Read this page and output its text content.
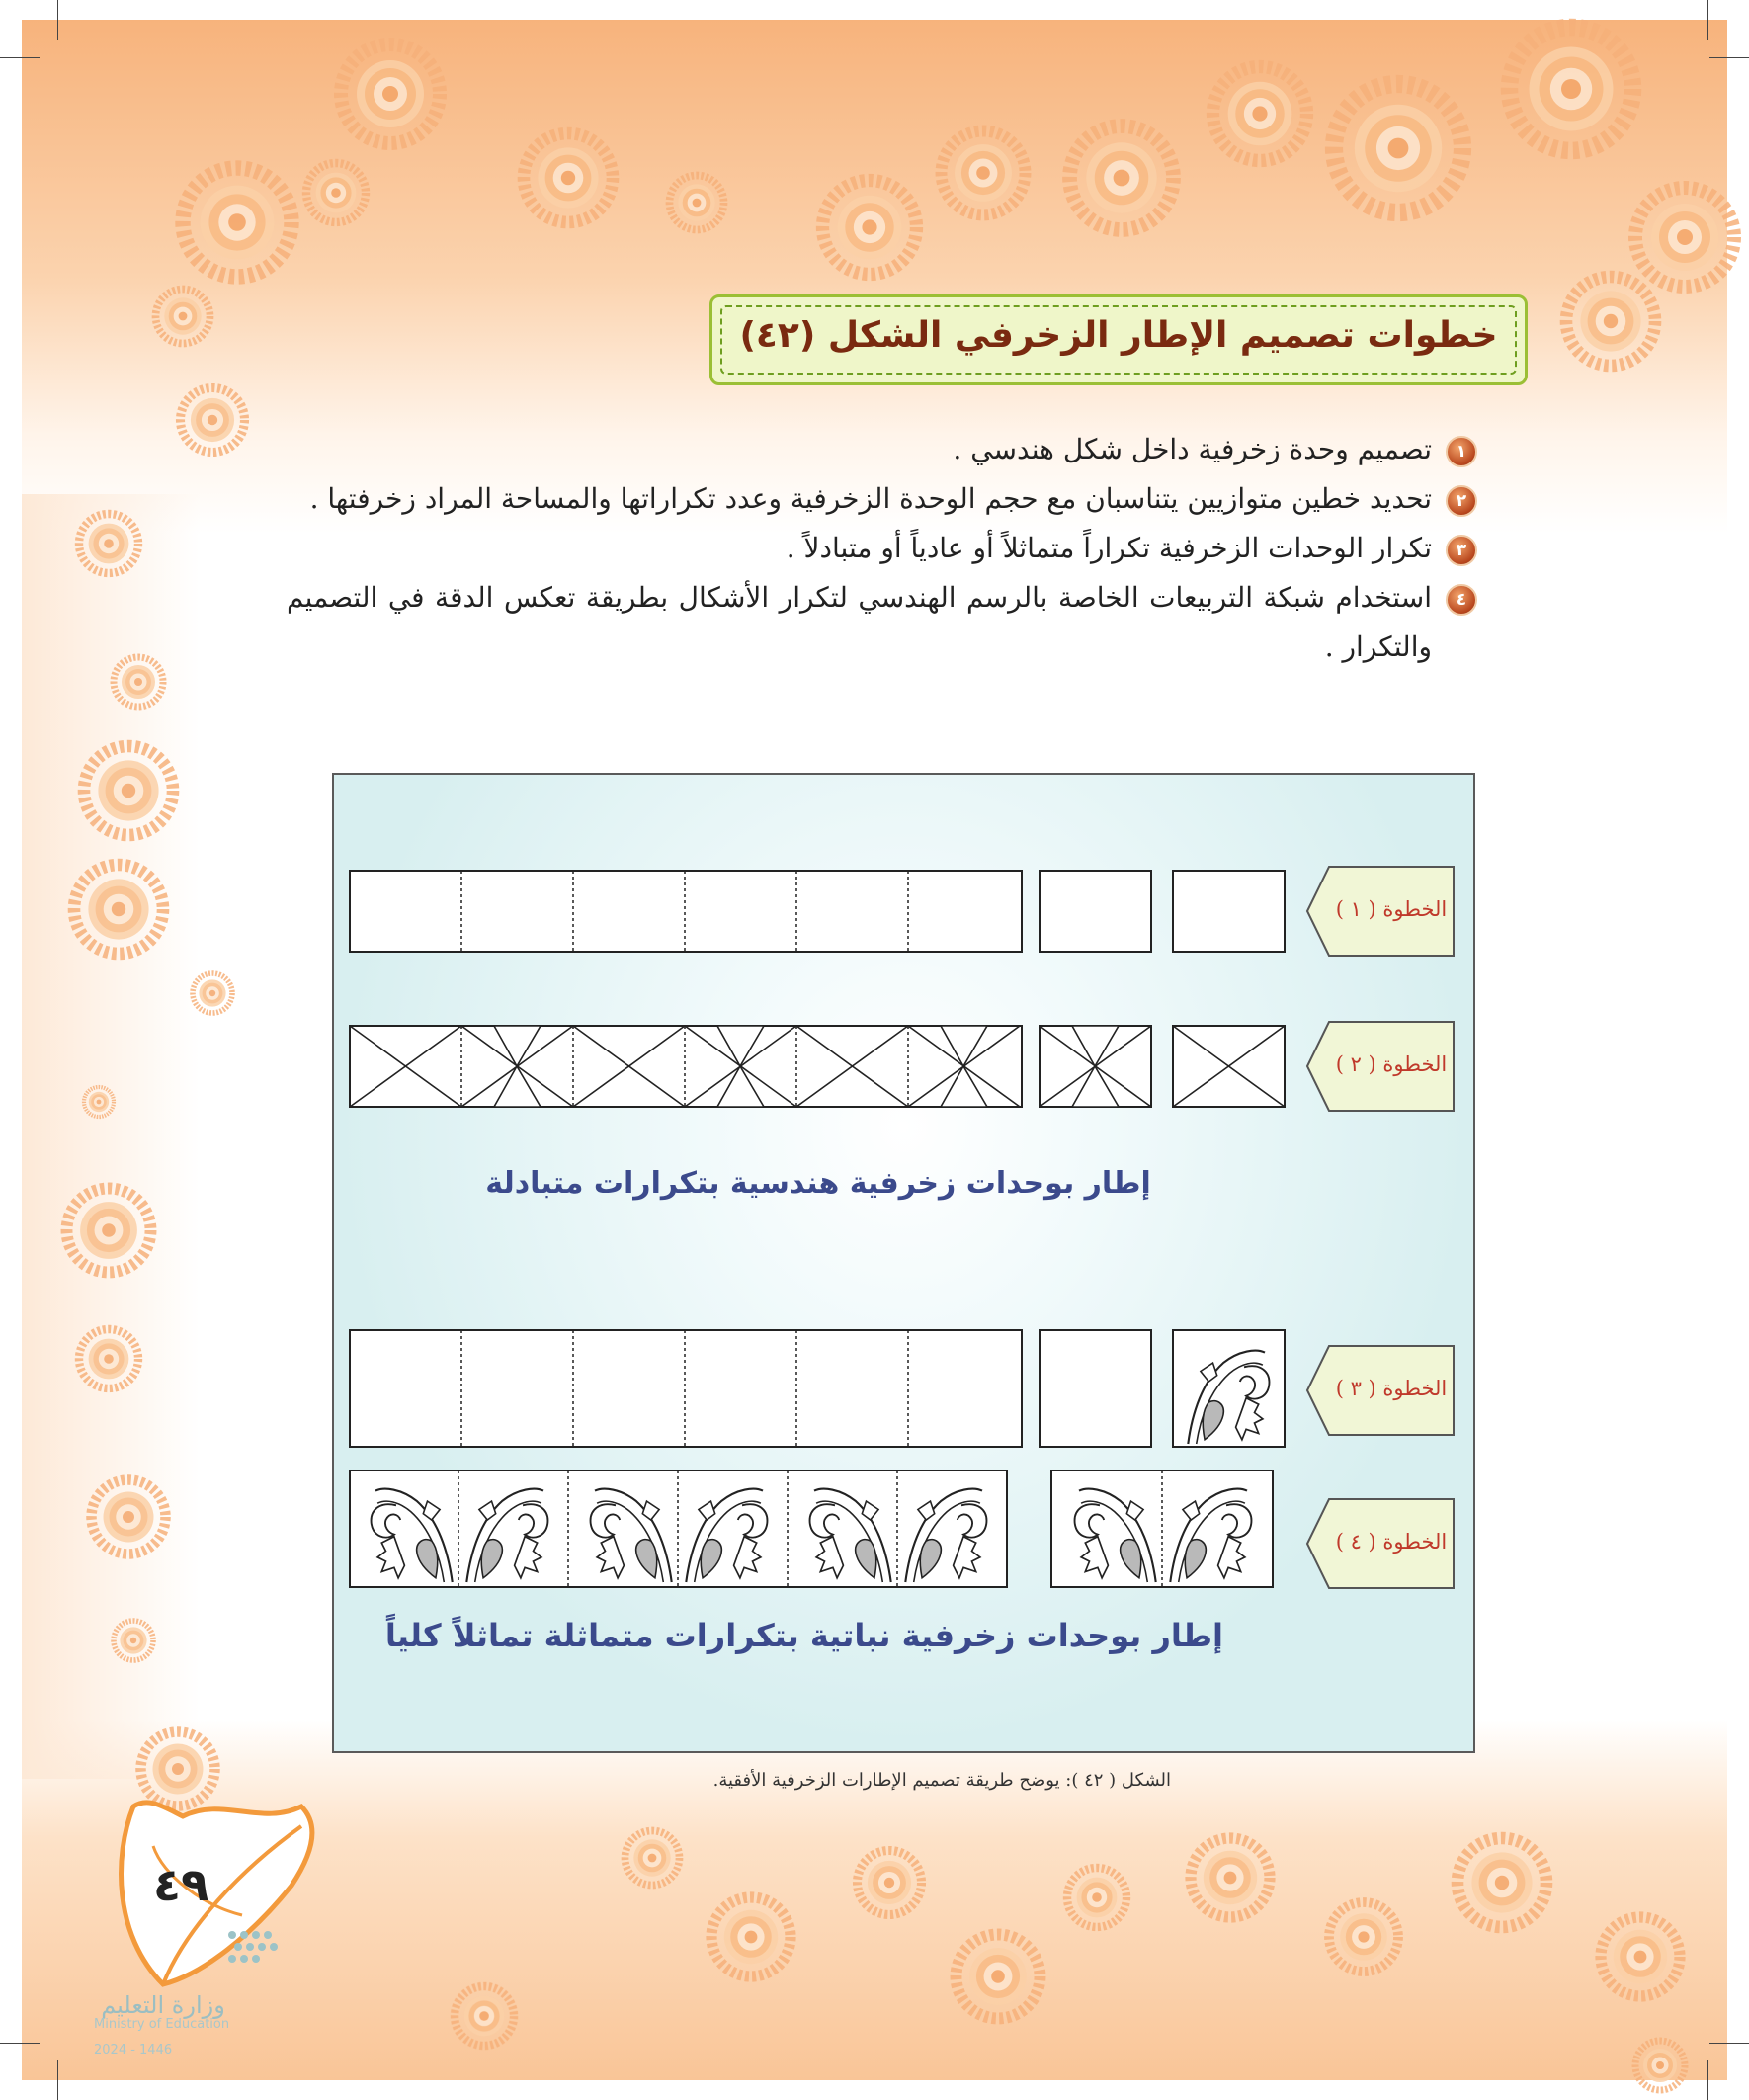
خطوات تصميم الإطار الزخرفي الشكل (٤٢)
١
تصميم وحدة زخرفية داخل شكل هندسي .
٢
تحديد خطين متوازيين يتناسبان مع حجم الوحدة الزخرفية وعدد تكراراتها والمساحة المراد زخرفتها .
٣
تكرار الوحدات الزخرفية تكراراً متماثلاً أو عادياً أو متبادلاً .
٤
استخدام شبكة التربيعات الخاصة بالرسم الهندسي لتكرار الأشكال بطريقة تعكس الدقة في التصميم والتكرار .
الخطوة ( ١ )
الخطوة ( ٢ )
الخطوة ( ٣ )
الخطوة ( ٤ )
إطار بوحدات زخرفية هندسية بتكرارات متبادلة
إطار بوحدات زخرفية نباتية بتكرارات متماثلة تماثلاً كلياً
الشكل ( ٤٢ ): يوضح طريقة تصميم الإطارات الزخرفية الأفقية.
٤٩
وزارة التعليم
Ministry of Education
2024 - 1446
